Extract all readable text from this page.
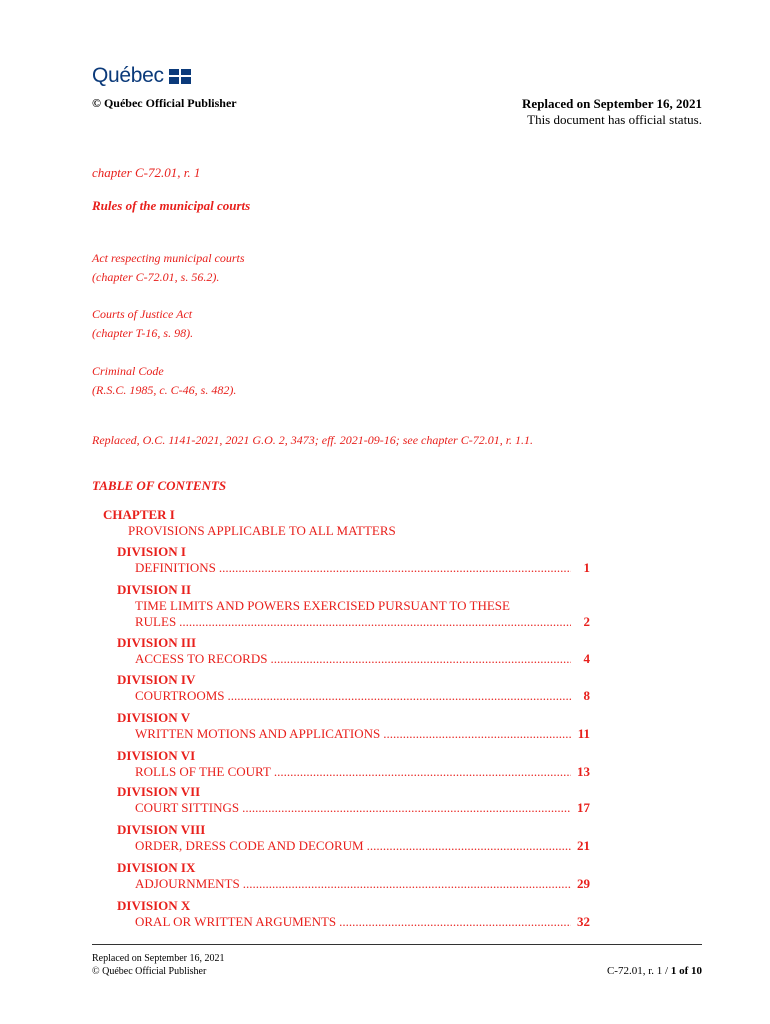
Québec
© Québec Official Publisher	Replaced on September 16, 2021
This document has official status.
chapter C-72.01, r. 1
Rules of the municipal courts
Act respecting municipal courts
(chapter C-72.01, s. 56.2).
Courts of Justice Act
(chapter T-16, s. 98).
Criminal Code
(R.S.C. 1985, c. C-46, s. 482).
Replaced, O.C. 1141-2021, 2021 G.O. 2, 3473; eff. 2021-09-16; see chapter C-72.01, r. 1.1.
TABLE OF CONTENTS
CHAPTER I
PROVISIONS APPLICABLE TO ALL MATTERS
DIVISION I
DEFINITIONS .....	1
DIVISION II
TIME LIMITS AND POWERS EXERCISED PURSUANT TO THESE
RULES .....	2
DIVISION III
ACCESS TO RECORDS .....	4
DIVISION IV
COURTROOMS .....	8
DIVISION V
WRITTEN MOTIONS AND APPLICATIONS .....	11
DIVISION VI
ROLLS OF THE COURT .....	13
DIVISION VII
COURT SITTINGS .....	17
DIVISION VIII
ORDER, DRESS CODE AND DECORUM .....	21
DIVISION IX
ADJOURNMENTS .....	29
DIVISION X
ORAL OR WRITTEN ARGUMENTS .....	32
Replaced on September 16, 2021
© Québec Official Publisher	C-72.01, r. 1 / 1 of 10
